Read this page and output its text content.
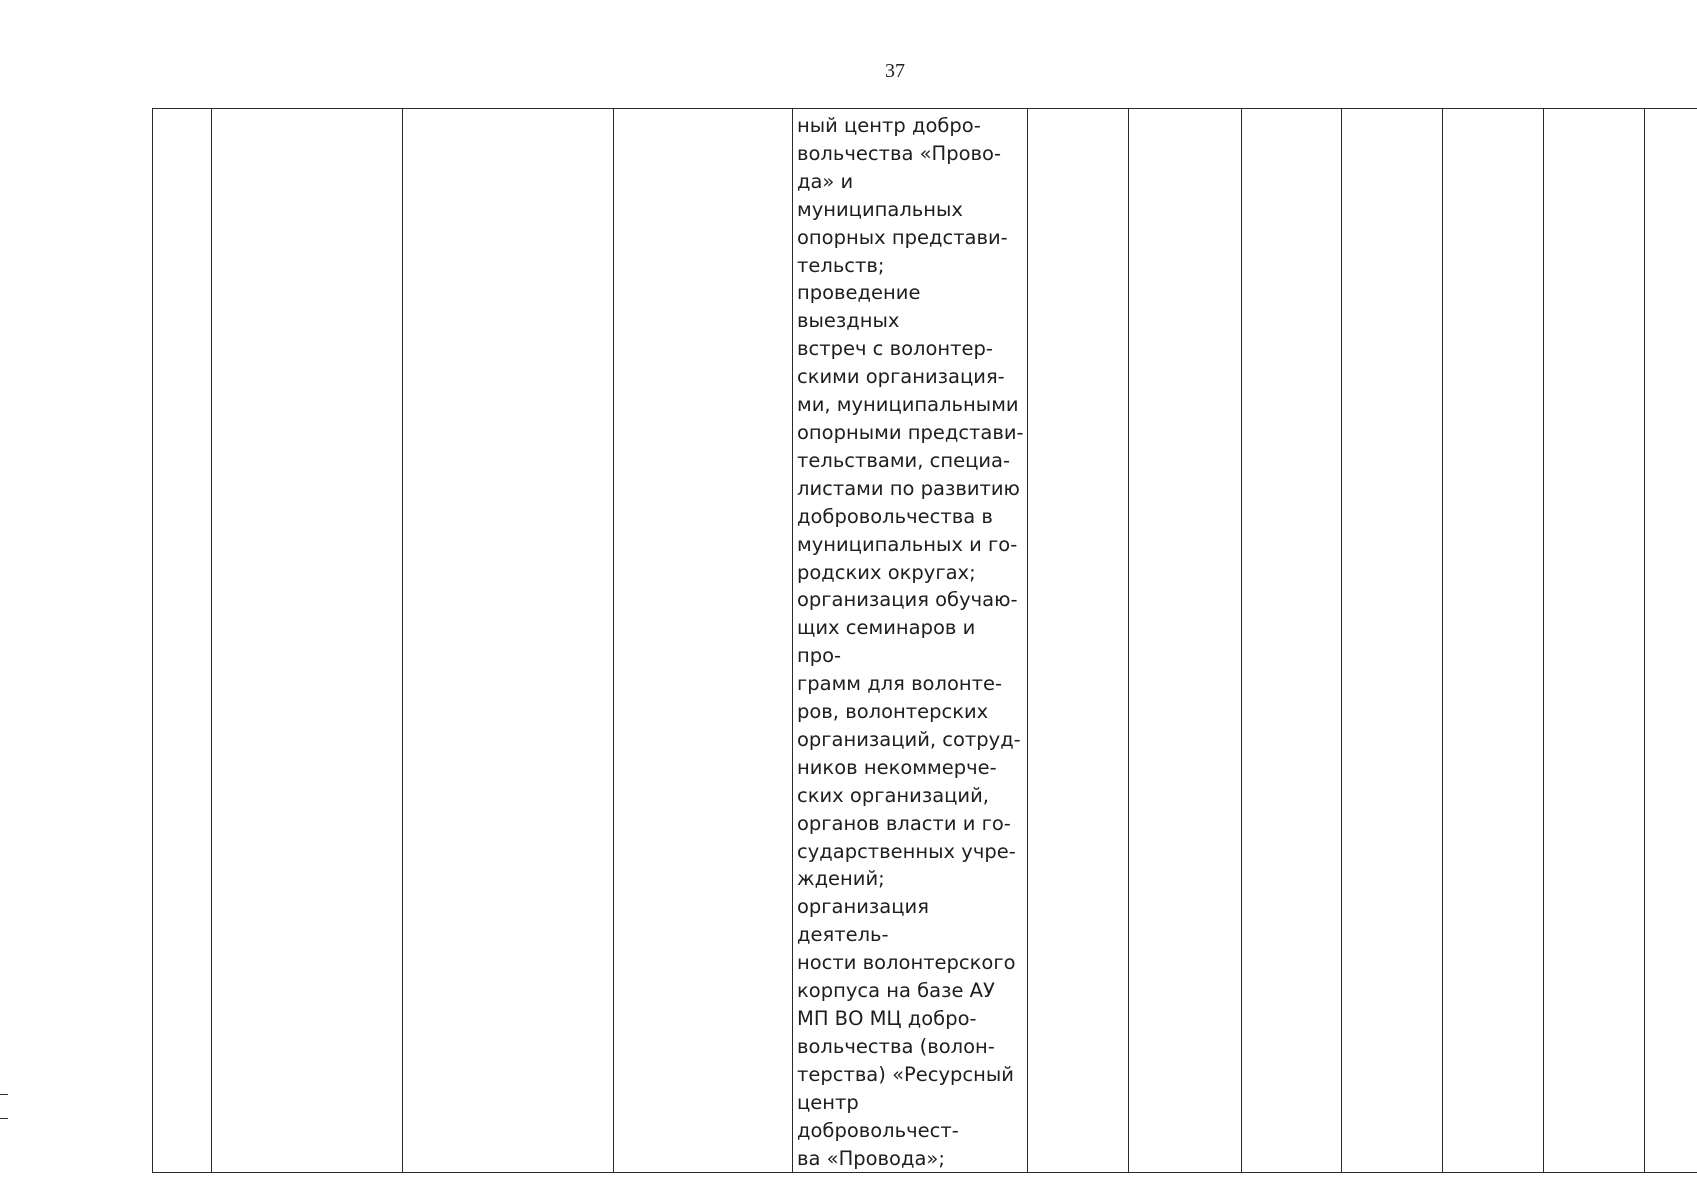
37

ный центр добро-
вольчества «Прово-
да» и муниципальных
опорных представи-
тельств;
проведение выездных
встреч с волонтер-
скими организация-
ми, муниципальными
опорными представи-
тельствами, специа-
листами по развитию
добровольчества в
муниципальных и го-
родских округах;
организация обучаю-
щих семинаров и про-
грамм для волонте-
ров, волонтерских
организаций, сотруд-
ников некоммерче-
ских организаций,
органов власти и го-
сударственных учре-
ждений;
организация деятель-
ности волонтерского
корпуса на базе АУ
МП ВО МЦ добро-
вольчества (волон-
терства) «Ресурсный
центр добровольчест-
ва «Провода»;
